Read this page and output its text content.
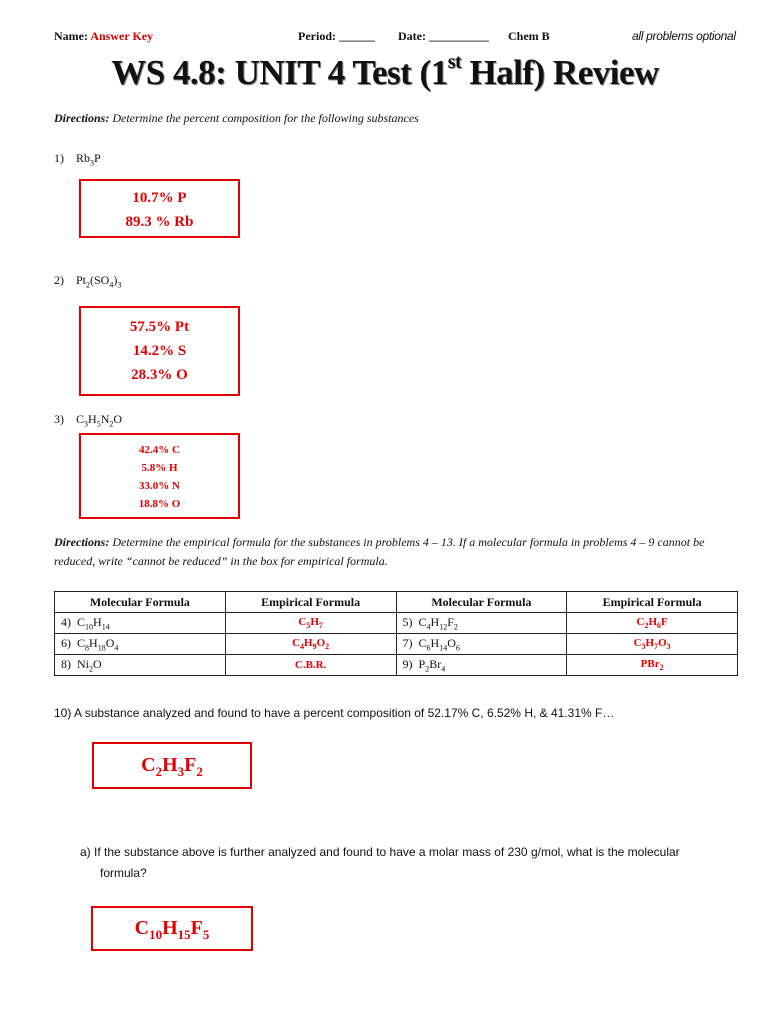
Name: Answer Key	Period: ______ Date: __________ Chem B	all problems optional
WS 4.8: UNIT 4 Test (1st Half) Review
Directions: Determine the percent composition for the following substances
1) $Rb_3P$
10.7% P
89.3 % Rb
2) $Pt_2(SO_4)_3$
57.5% Pt
14.2% S
28.3% O
3) $C_3H_5N_2O$
42.4% C
5.8% H
33.0% N
18.8% O
Directions: Determine the empirical formula for the substances in problems 4 – 13. If a molecular formula in problems 4 – 9 cannot be reduced, write “cannot be reduced” in the box for empirical formula.
Molecular Formula	Empirical Formula	Molecular Formula	Empirical Formula
4) $C_{10}H_{14}$	$C_5H_7$	5) $C_4H_{12}F_2$	$C_2H_6F$
6) $C_8H_{18}O_4$	$C_4H_9O_2$	7) $C_6H_{14}O_6$	$C_3H_7O_3$
8) $Ni_2O$	C.B.R.	9) $P_2Br_4$	PBr$_2$
10) A substance analyzed and found to have a percent composition of 52.17% C, 6.52% H, & 41.31% F…
$C_2H_3F_2$
a) If the substance above is further analyzed and found to have a molar mass of 230 g/mol, what is the molecular
formula?
$C_{10}H_{15}F_5$
